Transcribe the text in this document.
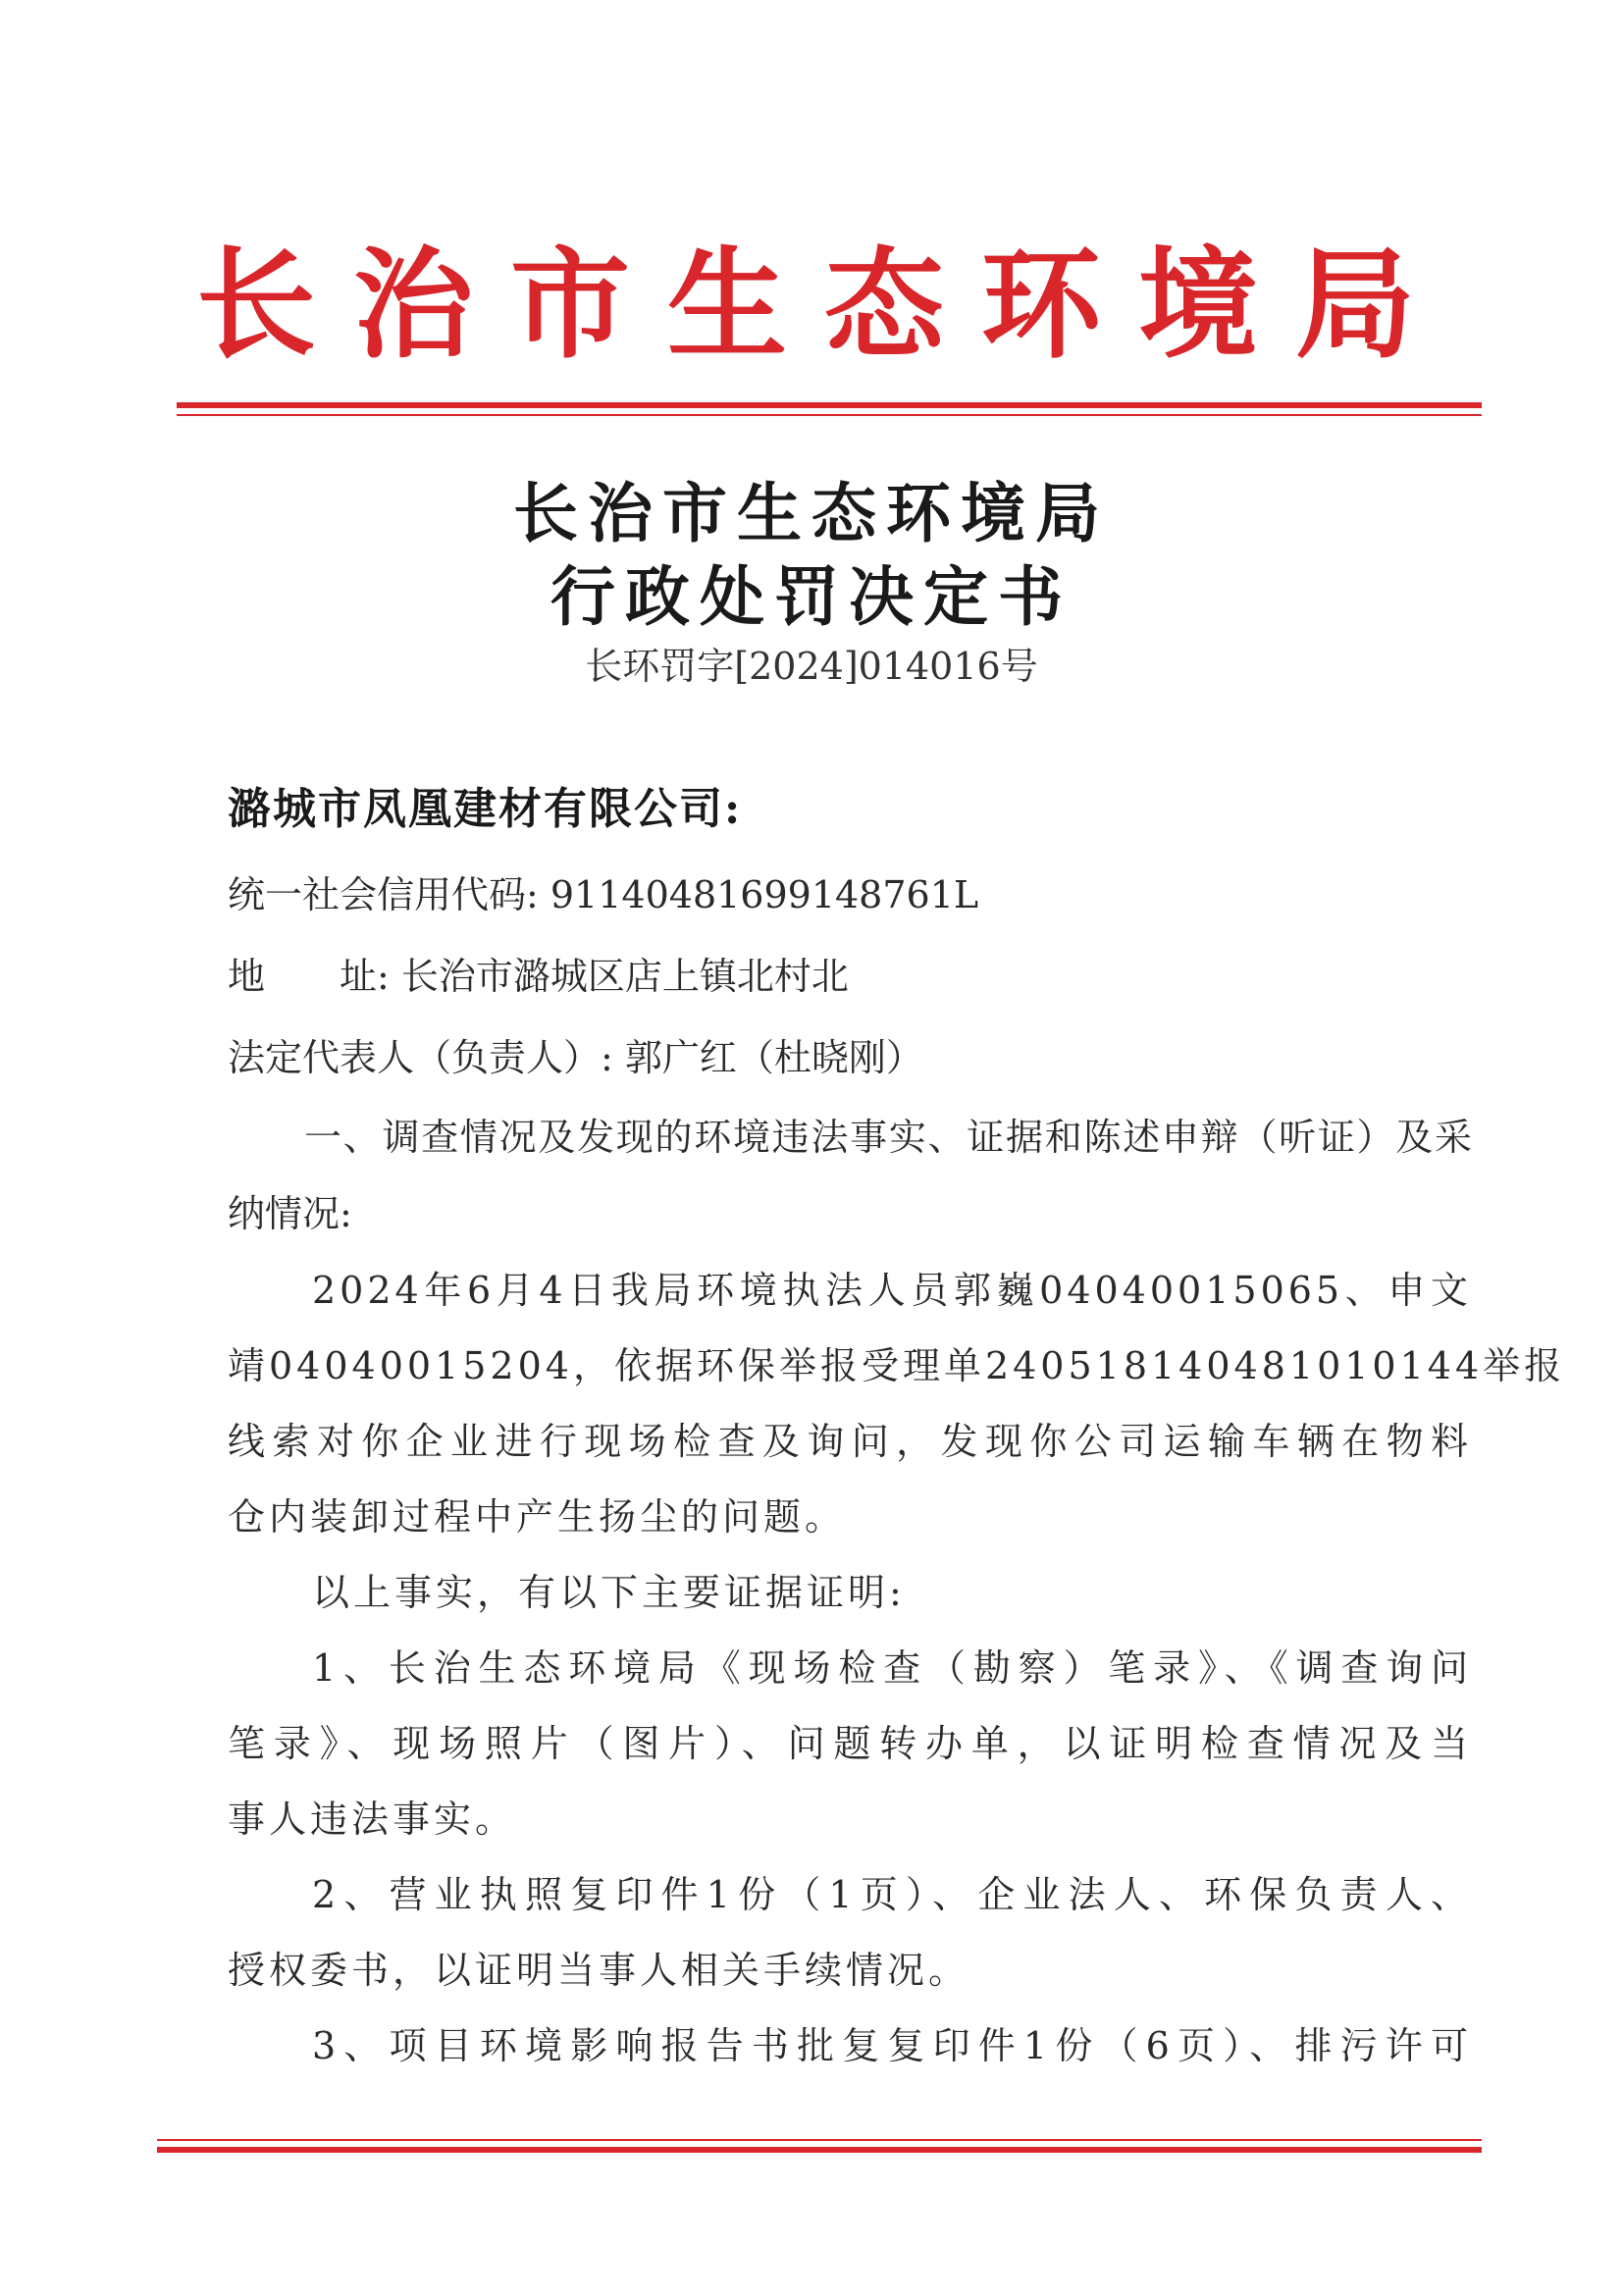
长治市生态环境局
长治市生态环境局
行政处罚决定书
长环罚字[2024]014016号
潞城市凤凰建材有限公司:
统一社会信用代码: 91140481699148761L
地　　址: 长治市潞城区店上镇北村北
法定代表人（负责人）: 郭广红（杜晓刚）
一、调查情况及发现的环境违法事实、证据和陈述申辩（听证）及采
纳情况:
2024年6月4日我局环境执法人员郭巍04040015065、申文
靖04040015204，依据环保举报受理单240518140481010144举报
线索对你企业进行现场检查及询问，发现你公司运输车辆在物料
仓内装卸过程中产生扬尘的问题。
以上事实，有以下主要证据证明:
1、长治生态环境局《现场检查（勘察）笔录》、《调查询问
笔录》、现场照片（图片）、问题转办单，以证明检查情况及当
事人违法事实。
2、营业执照复印件1份（1页）、企业法人、环保负责人、
授权委书，以证明当事人相关手续情况。
3、项目环境影响报告书批复复印件1份（6页）、排污许可
